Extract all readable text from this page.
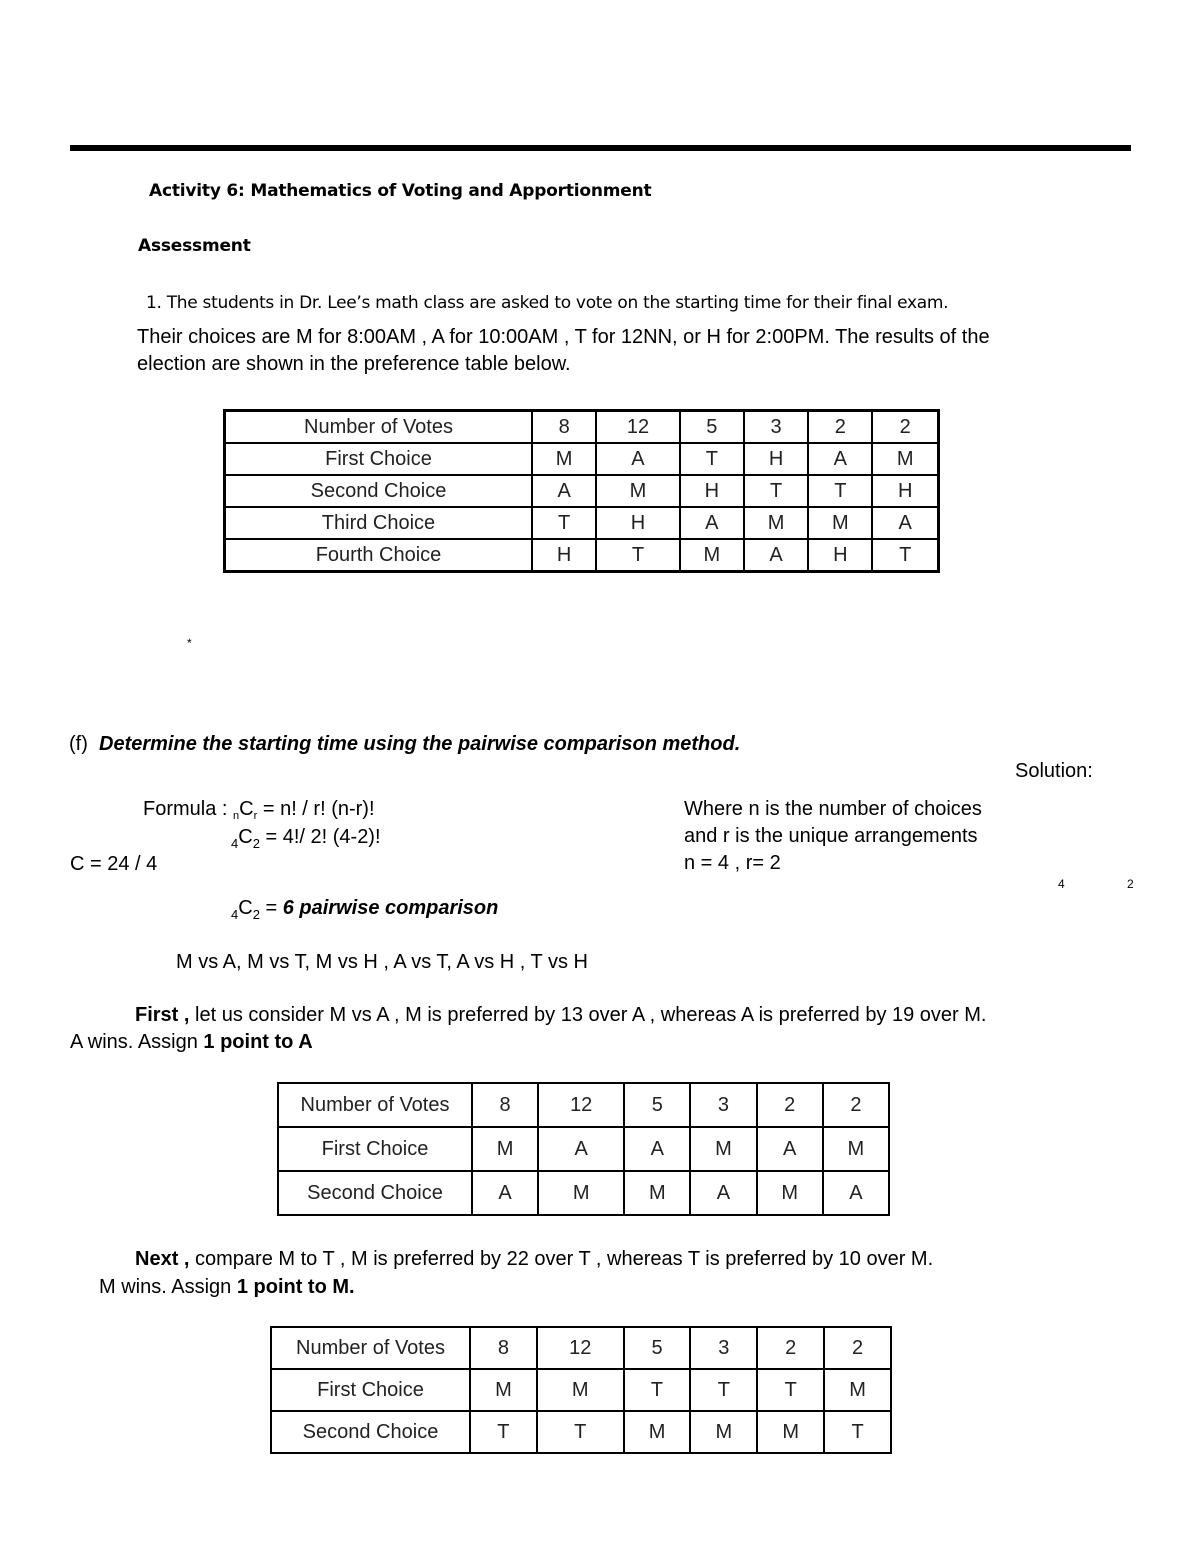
Activity 6: Mathematics of Voting and Apportionment
Assessment
1. The students in Dr. Lee’s math class are asked to vote on the starting time for their final exam.
Their choices are M for 8:00AM , A for 10:00AM , T for 12NN, or H for 2:00PM. The results of the
election are shown in the preference table below.
Number of Votes	8	12	5	3	2	2
First Choice	M	A	T	H	A	M
Second Choice	A	M	H	T	T	H
Third Choice	T	H	A	M	M	A
Fourth Choice	H	T	M	A	H	T
*
(f) Determine the starting time using the pairwise comparison method.
Solution:
Formula : $_nC_r = n$! / r! (n-r)!
$_4C_2 = 4!/$ 2! (4-2)!
C = 24 / 4
Where n is the number of choices
and r is the unique arrangements
n = 4 , r= 2
4	2
$_4C_2 = 6$ pairwise comparison
M vs A, M vs T, M vs H , A vs T, A vs H , T vs H
First , let us consider M vs A , M is preferred by 13 over A , whereas A is preferred by 19 over M.
A wins. Assign 1 point to A
Number of Votes	8	12	5	3	2	2
First Choice	M	A	A	M	A	M
Second Choice	A	M	M	A	M	A
Next , compare M to T , M is preferred by 22 over T , whereas T is preferred by 10 over M.
M wins. Assign 1 point to M.
Number of Votes	8	12	5	3	2	2
First Choice	M	M	T	T	T	M
Second Choice	T	T	M	M	M	T
